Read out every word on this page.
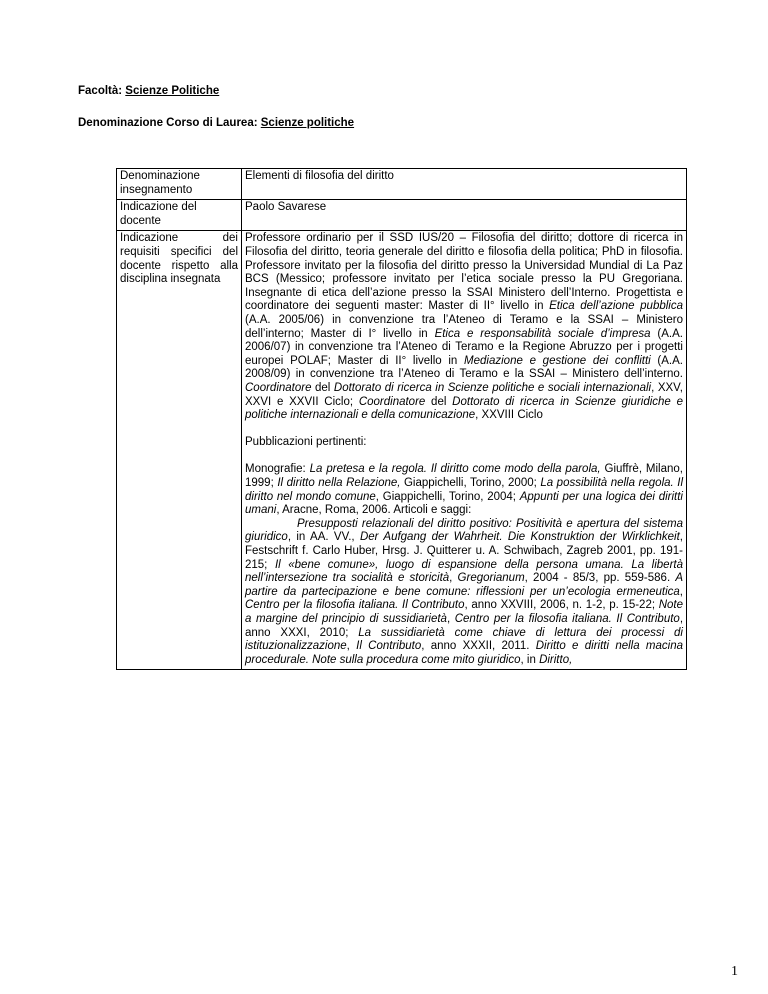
Facoltà: Scienze Politiche
Denominazione Corso di Laurea: Scienze politiche
Denominazione insegnamento	Elementi di filosofia del diritto
Indicazione del docente	Paolo Savarese
Indicazione dei requisiti specifici del docente rispetto alla disciplina insegnata	Professore ordinario per il SSD IUS/20 – Filosofia del diritto; dottore di ricerca in Filosofia del diritto, teoria generale del diritto e filosofia della politica; PhD in filosofia. Professore invitato per la filosofia del diritto presso la Universidad Mundial di La Paz BCS (Messico; professore invitato per l’etica sociale presso la PU Gregoriana. Insegnante di etica dell’azione presso la SSAI Ministero dell’Interno. Progettista e coordinatore dei seguenti master: Master di II° livello in Etica dell’azione pubblica (A.A. 2005/06) in convenzione tra l’Ateneo di Teramo e la SSAI – Ministero dell’interno; Master di I° livello in Etica e responsabilità sociale d’impresa (A.A. 2006/07) in convenzione tra l’Ateneo di Teramo e la Regione Abruzzo per i progetti europei POLAF; Master di II° livello in Mediazione e gestione dei conflitti (A.A. 2008/09) in convenzione tra l’Ateneo di Teramo e la SSAI – Ministero dell’interno. Coordinatore del Dottorato di ricerca in Scienze politiche e sociali internazionali, XXV, XXVI e XXVII Ciclo; Coordinatore del Dottorato di ricerca in Scienze giuridiche e politiche internazionali e della comunicazione, XXVIII Ciclo

Pubblicazioni pertinenti:

Monografie: La pretesa e la regola. Il diritto come modo della parola, Giuffrè, Milano, 1999; Il diritto nella Relazione, Giappichelli, Torino, 2000; La possibilità nella regola. Il diritto nel mondo comune, Giappichelli, Torino, 2004; Appunti per una logica dei diritti umani, Aracne, Roma, 2006. Articoli e saggi:

Presupposti relazionali del diritto positivo: Positività e apertura del sistema giuridico, in AA. VV., Der Aufgang der Wahrheit. Die Konstruktion der Wirklichkeit, Festschrift f. Carlo Huber, Hrsg. J. Quitterer u. A. Schwibach, Zagreb 2001, pp. 191-215; Il «bene comune», luogo di espansione della persona umana. La libertà nell’intersezione tra socialità e storicità, Gregorianum, 2004 - 85/3, pp. 559-586. A partire da partecipazione e bene comune: riflessioni per un’ecologia ermeneutica, Centro per la filosofia italiana. Il Contributo, anno XXVIII, 2006, n. 1-2, p. 15-22; Note a margine del principio di sussidiarietà, Centro per la filosofia italiana. Il Contributo, anno XXXI, 2010; La sussidiarietà come chiave di lettura dei processi di istituzionalizzazione, Il Contributo, anno XXXII, 2011. Diritto e diritti nella macina procedurale. Note sulla procedura come mito giuridico, in Diritto,

1
